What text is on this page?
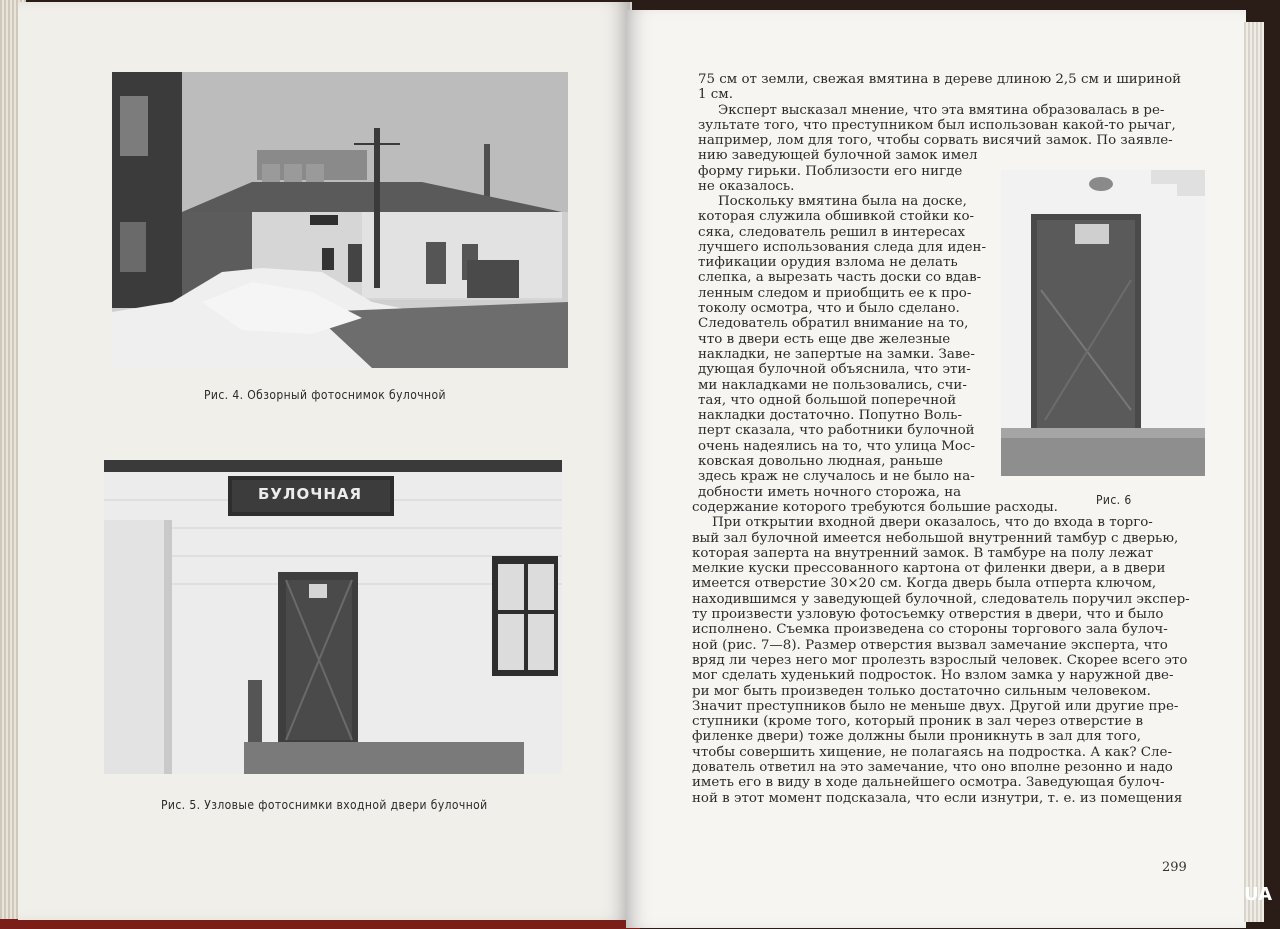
Рис. 4. Обзорный фотоснимок булочной
БУЛОЧНАЯ
Рис. 5. Узловые фотоснимки входной двери булочной
Рис. 6
75 см от земли, свежая вмятина в дереве длиною 2,5 см и шириной
1 см.
Эксперт высказал мнение, что эта вмятина образовалась в ре-
зультате того, что преступником был использован какой-то рычаг,
например, лом для того, чтобы сорвать висячий замок. По заявле-
нию заведующей булочной замок имел
форму гирьки. Поблизости его нигде
не оказалось.
Поскольку вмятина была на доске,
которая служила обшивкой стойки ко-
сяка, следователь решил в интересах
лучшего использования следа для иден-
тификации орудия взлома не делать
слепка, а вырезать часть доски со вдав-
ленным следом и приобщить ее к про-
токолу осмотра, что и было сделано.
Следователь обратил внимание на то,
что в двери есть еще две железные
накладки, не запертые на замки. Заве-
дующая булочной объяснила, что эти-
ми накладками не пользовались, счи-
тая, что одной большой поперечной
накладки достаточно. Попутно Воль-
перт сказала, что работники булочной
очень надеялись на то, что улица Мос-
ковская довольно людная, раньше
здесь краж не случалось и не было на-
добности иметь ночного сторожа, на
содержание которого требуются большие расходы.
При открытии входной двери оказалось, что до входа в торго-
вый зал булочной имеется небольшой внутренний тамбур с дверью,
которая заперта на внутренний замок. В тамбуре на полу лежат
мелкие куски прессованного картона от филенки двери, а в двери
имеется отверстие 30×20 см. Когда дверь была отперта ключом,
находившимся у заведующей булочной, следователь поручил экспер-
ту произвести узловую фотосъемку отверстия в двери, что и было
исполнено. Съемка произведена со стороны торгового зала булоч-
ной (рис. 7—8). Размер отверстия вызвал замечание эксперта, что
вряд ли через него мог пролезть взрослый человек. Скорее всего это
мог сделать худенький подросток. Но взлом замка у наружной две-
ри мог быть произведен только достаточно сильным человеком.
Значит преступников было не меньше двух. Другой или другие пре-
ступники (кроме того, который проник в зал через отверстие в
филенке двери) тоже должны были проникнуть в зал для того,
чтобы совершить хищение, не полагаясь на подростка. А как? Сле-
дователь ответил на это замечание, что оно вполне резонно и надо
иметь его в виду в ходе дальнейшего осмотра. Заведующая булоч-
ной в этот момент подсказала, что если изнутри, т. е. из помещения
299
UA
